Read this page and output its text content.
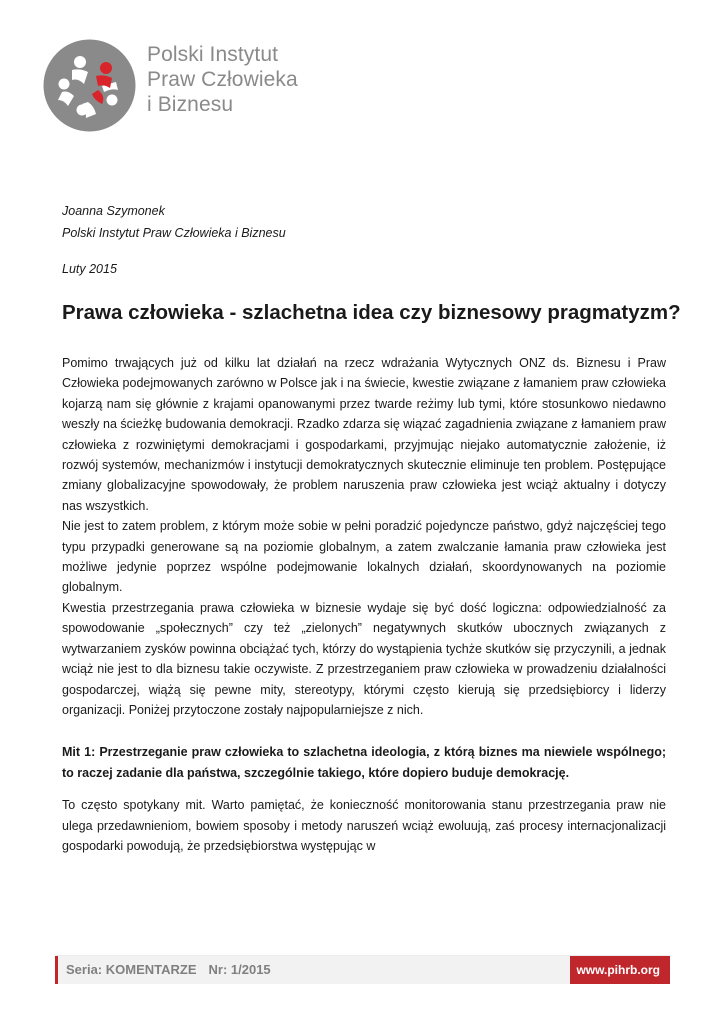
Polski Instytut
Praw Człowieka
i Biznesu
Joanna Szymonek
Polski Instytut Praw Człowieka i Biznesu
Luty 2015
Prawa człowieka - szlachetna idea czy biznesowy pragmatyzm?

Pomimo trwających już od kilku lat działań na rzecz wdrażania Wytycznych ONZ ds. Biznesu i Praw Człowieka podejmowanych zarówno w Polsce jak i na świecie, kwestie związane z łamaniem praw człowieka kojarzą nam się głównie z krajami opanowanymi przez twarde reżimy lub tymi, które stosunkowo niedawno weszły na ścieżkę budowania demokracji. Rzadko zdarza się wiązać zagadnienia związane z łamaniem praw człowieka z rozwiniętymi demokracjami i gospodarkami, przyjmując niejako automatycznie założenie, iż rozwój systemów, mechanizmów i instytucji demokratycznych skutecznie eliminuje ten problem. Postępujące zmiany globalizacyjne spowodowały, że problem naruszenia praw człowieka jest wciąż aktualny i dotyczy nas wszystkich.

Nie jest to zatem problem, z którym może sobie w pełni poradzić pojedyncze państwo, gdyż najczęściej tego typu przypadki generowane są na poziomie globalnym, a zatem zwalczanie łamania praw człowieka jest możliwe jedynie poprzez wspólne podejmowanie lokalnych działań, skoordynowanych na poziomie globalnym.

Kwestia przestrzegania prawa człowieka w biznesie wydaje się być dość logiczna: odpowiedzialność za spowodowanie „społecznych” czy też „zielonych” negatywnych skutków ubocznych związanych z wytwarzaniem zysków powinna obciążać tych, którzy do wystąpienia tychże skutków się przyczynili, a jednak wciąż nie jest to dla biznesu takie oczywiste. Z przestrzeganiem praw człowieka w prowadzeniu działalności gospodarczej, wiążą się pewne mity, stereotypy, którymi często kierują się przedsiębiorcy i liderzy organizacji. Poniżej przytoczone zostały najpopularniejsze z nich.

Mit 1: Przestrzeganie praw człowieka to szlachetna ideologia, z którą biznes ma niewiele wspólnego; to raczej zadanie dla państwa, szczególnie takiego, które dopiero buduje demokrację.

To często spotykany mit. Warto pamiętać, że konieczność monitorowania stanu przestrzegania praw nie ulega przedawnieniom, bowiem sposoby i metody naruszeń wciąż ewoluują, zaś procesy internacjonalizacji gospodarki powodują, że przedsiębiorstwa występując w

Seria: KOMENTARZE Nr: 1/2015	www.pihrb.org
